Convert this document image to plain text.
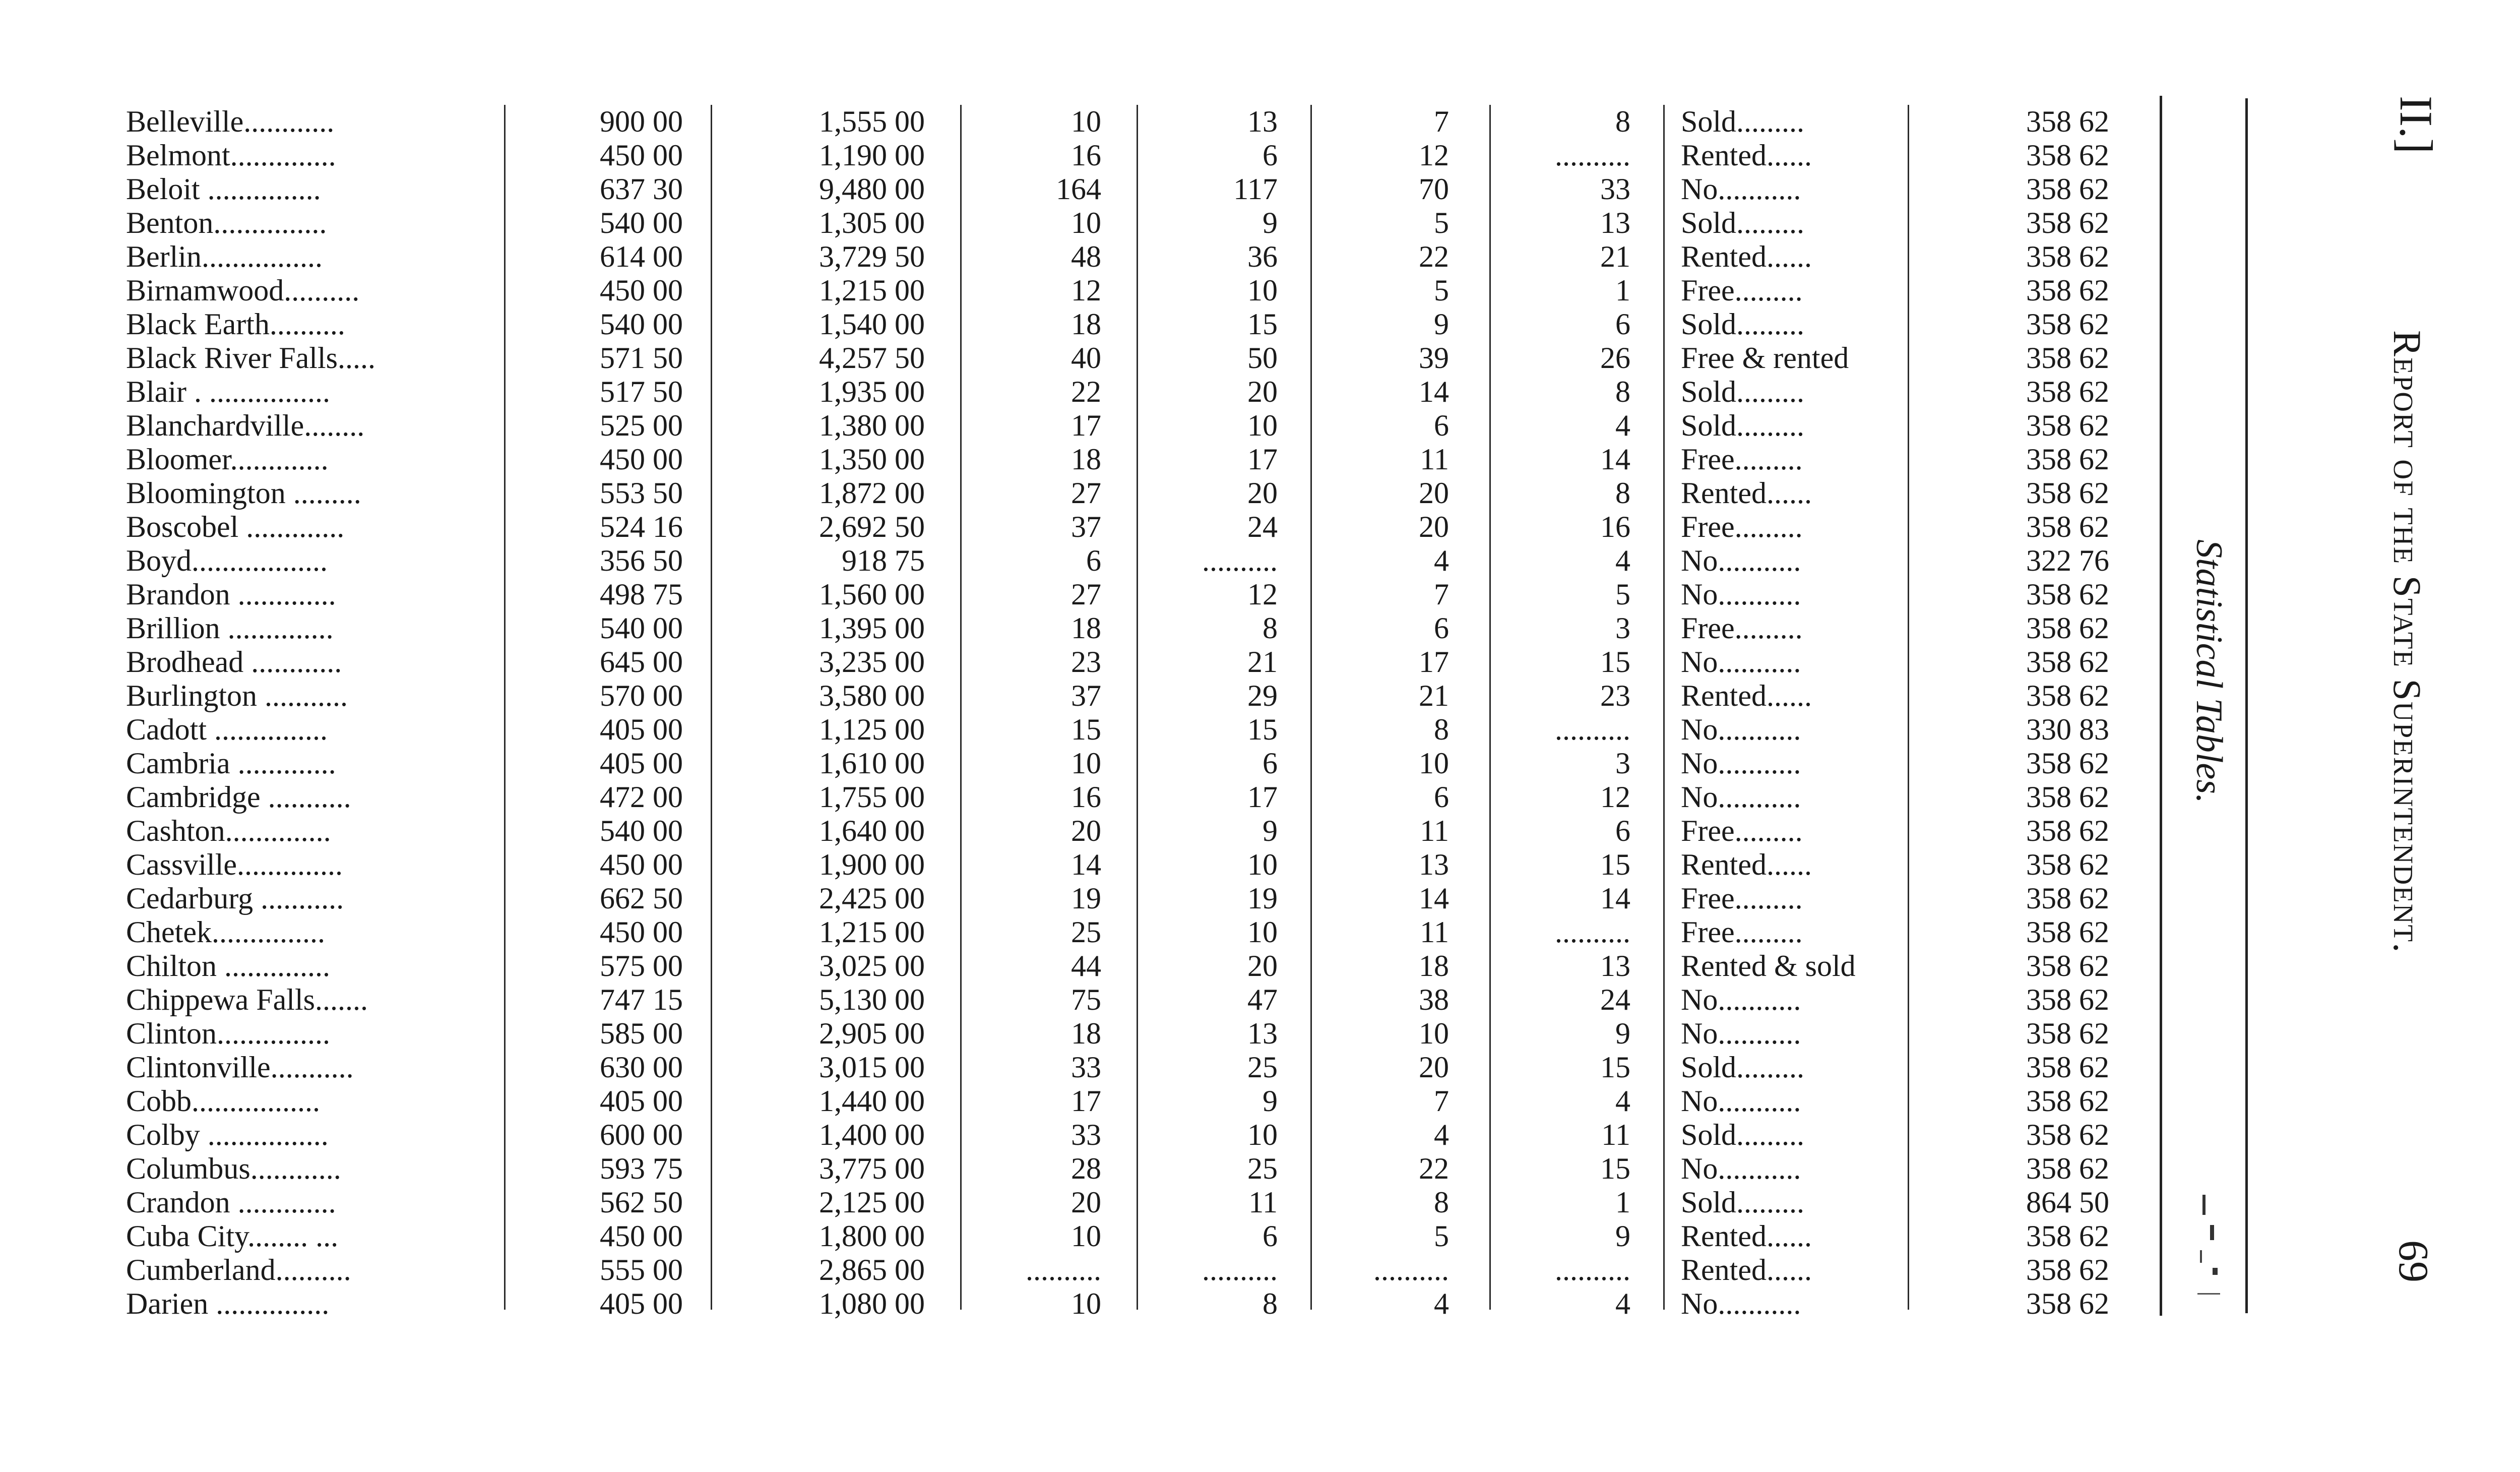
Belleville............	900 00	1,555 00	10	13	7	8 Sold.........	358 62
Belmont..............	450 00	1,190 00	16	6	12	.......... Rented......	358 62
Beloit ...............	637 30	9,480 00	164	117	70	33 No...........	358 62
Benton...............	540 00	1,305 00	10	9	5	13 Sold.........	358 62
Berlin................	614 00	3,729 50	48	36	22	21 Rented......	358 62
Birnamwood..........	450 00	1,215 00	12	10	5	1 Free.........	358 62
Black Earth..........	540 00	1,540 00	18	15	9	6 Sold.........	358 62
Black River Falls.....	571 50	4,257 50	40	50	39	26 Free & rented	358 62
Blair . ................	517 50	1,935 00	22	20	14	8 Sold.........	358 62
Blanchardville........	525 00	1,380 00	17	10	6	4 Sold.........	358 62
Bloomer.............	450 00	1,350 00	18	17	11	14 Free.........	358 62
Bloomington .........	553 50	1,872 00	27	20	20	8 Rented......	358 62
Boscobel .............	524 16	2,692 50	37	24	20	16 Free.........	358 62
Boyd..................	356 50	918 75	6	..........	4	4 No...........	322 76
Brandon .............	498 75	1,560 00	27	12	7	5 No...........	358 62
Brillion ..............	540 00	1,395 00	18	8	6	3 Free.........	358 62
Brodhead ............	645 00	3,235 00	23	21	17	15 No...........	358 62
Burlington ...........	570 00	3,580 00	37	29	21	23 Rented......	358 62
Cadott ...............	405 00	1,125 00	15	15	8	.......... No...........	330 83
Cambria .............	405 00	1,610 00	10	6	10	3 No...........	358 62
Cambridge ...........	472 00	1,755 00	16	17	6	12 No...........	358 62
Cashton..............	540 00	1,640 00	20	9	11	6 Free.........	358 62
Cassville..............	450 00	1,900 00	14	10	13	15 Rented......	358 62
Cedarburg ...........	662 50	2,425 00	19	19	14	14 Free.........	358 62
Chetek...............	450 00	1,215 00	25	10	11	.......... Free.........	358 62
Chilton ..............	575 00	3,025 00	44	20	18	13 Rented & sold	358 62
Chippewa Falls.......	747 15	5,130 00	75	47	38	24 No...........	358 62
Clinton...............	585 00	2,905 00	18	13	10	9 No...........	358 62
Clintonville...........	630 00	3,015 00	33	25	20	15 Sold.........	358 62
Cobb.................	405 00	1,440 00	17	9	7	4 No...........	358 62
Colby ................	600 00	1,400 00	33	10	4	11 Sold.........	358 62
Columbus............	593 75	3,775 00	28	25	22	15 No...........	358 62
Crandon .............	562 50	2,125 00	20	11	8	1 Sold.........	864 50
Cuba City........ ...	450 00	1,800 00	10	6	5	9 Rented......	358 62
Cumberland..........	555 00	2,865 00	..........	..........	..........	.......... Rented......	358 62
Darien ...............	405 00	1,080 00	10	8	4	4 No...........	358 62
Statistical Tables.
II.]
Report of the State Superintendent.
69
